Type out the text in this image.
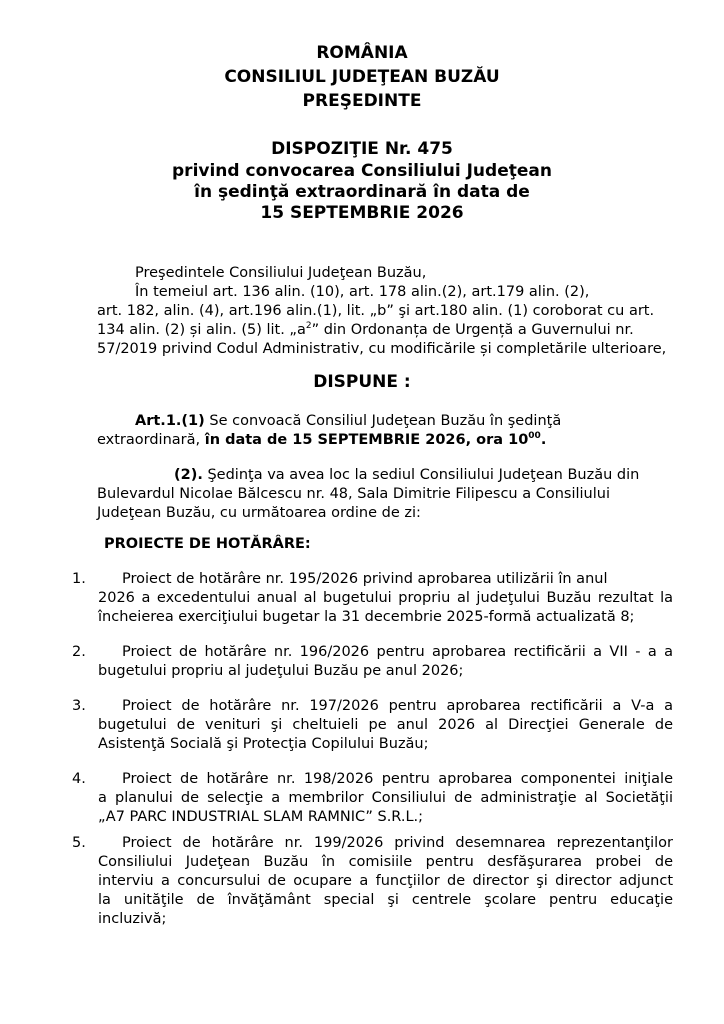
ROMÂNIA
CONSILIUL JUDEŢEAN BUZĂU
PREŞEDINTE
DISPOZIŢIE Nr. 475
privind convocarea Consiliului Judeţean
în şedinţă extraordinară în data de
15 SEPTEMBRIE 2026
Preşedintele Consiliului Judeţean Buzău,
În temeiul art. 136 alin. (10), art. 178 alin.(2), art.179 alin. (2),
art. 182, alin. (4), art.196 alin.(1), lit. „b” şi art.180 alin. (1) coroborat cu art.
134 alin. (2) și alin. (5) lit. $„a^2$” din Ordonanța de Urgență a Guvernului nr.
57/2019 privind Codul Administrativ, cu modificările și completările ulterioare,
DISPUNE :
Art.1.(1) Se convoacă Consiliul Judeţean Buzău în şedinţă
extraordinară, în data de 15 SEPTEMBRIE 2026, ora $10^{00}$.
(2). Şedinţa va avea loc la sediul Consiliului Judeţean Buzău din
Bulevardul Nicolae Bălcescu nr. 48, Sala Dimitrie Filipescu a Consiliului
Judeţean Buzău, cu următoarea ordine de zi:
PROIECTE DE HOTĂRÂRE:
1.	Proiect de hotărâre nr. 195/2026 privind aprobarea utilizării în anul
2026 a excedentului anual al bugetului propriu al judeţului Buzău rezultat la
încheierea exerciţiului bugetar la 31 decembrie 2025-formă actualizată 8;
2.	Proiect de hotărâre nr. 196/2026 pentru aprobarea rectificării a VII - a a
bugetului propriu al judeţului Buzău pe anul 2026;
3.	Proiect de hotărâre nr. 197/2026 pentru aprobarea rectificării a V-a a
bugetului de venituri şi cheltuieli pe anul 2026 al Direcţiei Generale de
Asistenţă Socială şi Protecţia Copilului Buzău;
4.	Proiect de hotărâre nr. 198/2026 pentru aprobarea componentei iniţiale
a planului de selecţie a membrilor Consiliului de administraţie al Societăţii
„A7 PARC INDUSTRIAL SLAM RAMNIC” S.R.L.;
5.	Proiect de hotărâre nr. 199/2026 privind desemnarea reprezentanţilor
Consiliului Judeţean Buzău în comisiile pentru desfăşurarea probei de
interviu a concursului de ocupare a funcţiilor de director şi director adjunct
la unităţile de învăţământ special şi centrele şcolare pentru educaţie
incluzivă;
